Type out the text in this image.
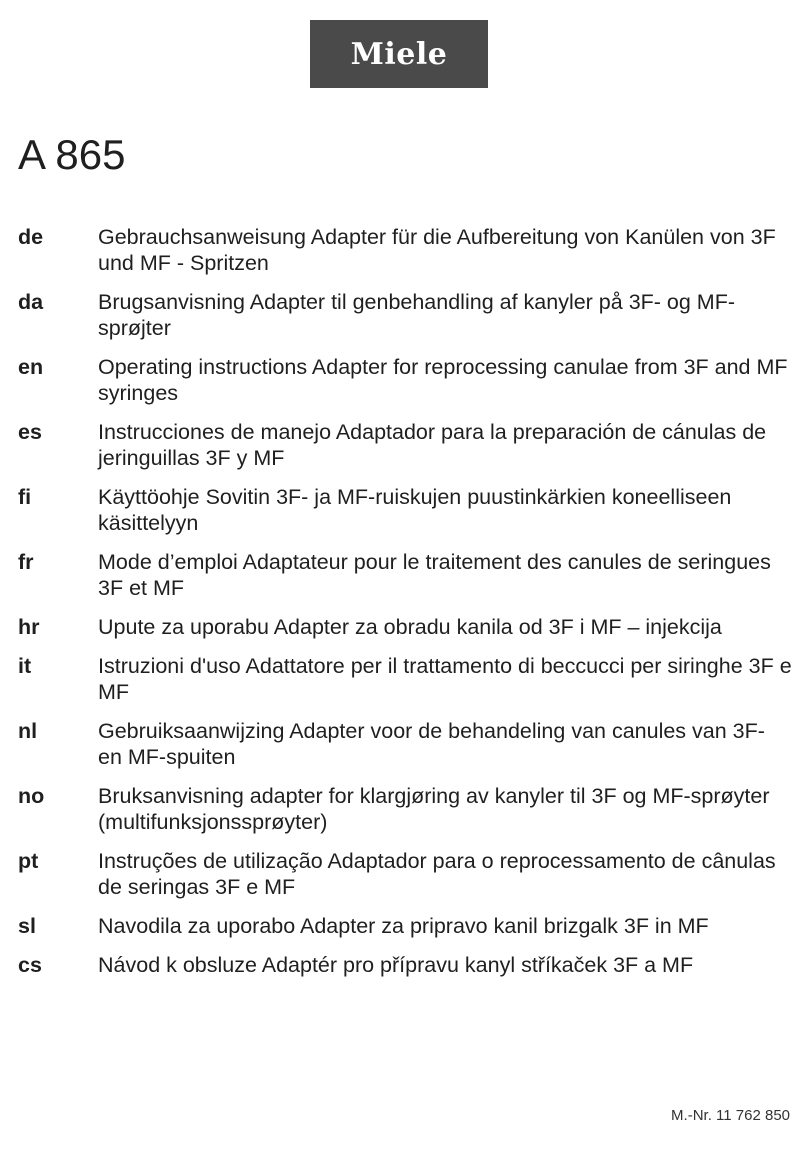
Miele
A 865
de	Gebrauchsanweisung Adapter für die Aufbereitung von Kanülen von 3F und MF - Spritzen
da	Brugsanvisning Adapter til genbehandling af kanyler på 3F- og MF-sprøjter
en	Operating instructions Adapter for reprocessing canulae from 3F and MF syringes
es	Instrucciones de manejo Adaptador para la preparación de cánulas de jeringuillas 3F y MF
fi	Käyttöohje Sovitin 3F- ja MF-ruiskujen puustinkärkien koneelliseen käsittelyyn
fr	Mode d’emploi Adaptateur pour le traitement des canules de seringues 3F et MF
hr	Upute za uporabu Adapter za obradu kanila od 3F i MF – injekcija
it	Istruzioni d'uso Adattatore per il trattamento di beccucci per siringhe 3F e MF
nl	Gebruiksaanwijzing Adapter voor de behandeling van canules van 3F- en MF-spuiten
no	Bruksanvisning adapter for klargjøring av kanyler til 3F og MF-sprøyter (multifunksjonssprøyter)
pt	Instruções de utilização Adaptador para o reprocessamento de cânulas de seringas 3F e MF
sl	Navodila za uporabo Adapter za pripravo kanil brizgalk 3F in MF
cs	Návod k obsluze Adaptér pro přípravu kanyl stříkaček 3F a MF
M.-Nr. 11 762 850
